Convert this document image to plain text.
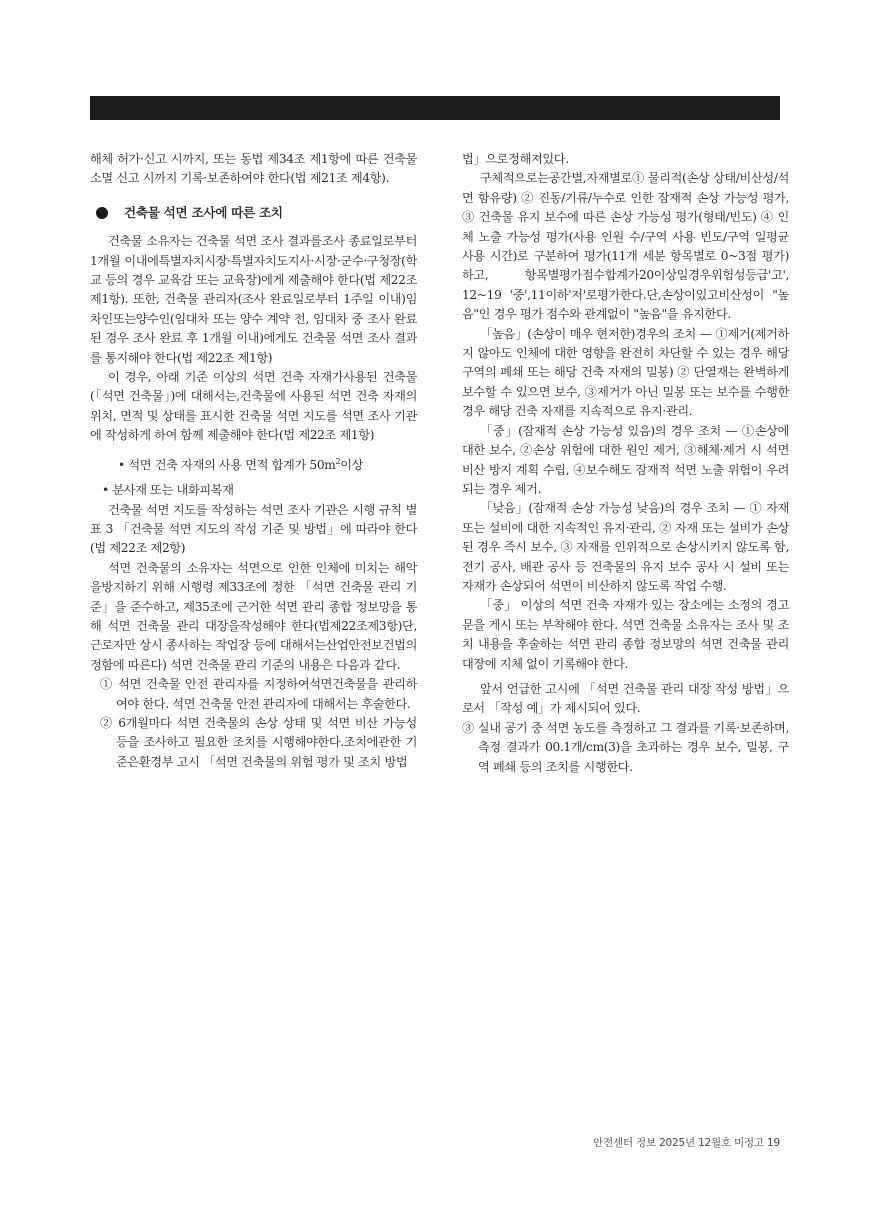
해체 허가·신고 시까지, 또는 동법 제34조 제1항에 따른 건축물 소멸 신고 시까지 기록·보존하여야 한다(법 제21조 제4항).

건축물 석면 조사에 따른 조치

건축물 소유자는 건축물 석면 조사 결과를조사 종료일로부터 1개월 이내에특별자치시장·특별자치도지사·시장·군수·구청장(학교 등의 경우 교육감 또는 교육장)에게 제출해야 한다(법 제22조 제1항). 또한, 건축물 관리자(조사 완료일로부터 1주일 이내)임차인또는양수인(임대차 또는 양수 계약 전, 임대차 중 조사 완료된 경우 조사 완료 후 1개월 이내)에게도 건축물 석면 조사 결과를 통지해야 한다(법 제22조 제1항)

이 경우, 아래 기준 이상의 석면 건축 자재가사용된 건축물(「석면 건축물」)에 대해서는,건축물에 사용된 석면 건축 자재의 위치, 면적 및 상태를 표시한 건축물 석면 지도를 석면 조사 기관에 작성하게 하여 함께 제출해야 한다(법 제22조 제1항)

• 석면 건축 자재의 사용 면적 합계가 $50m^2$이상

• 분사재 또는 내화피복재

건축물 석면 지도를 작성하는 석면 조사 기관은 시행 규칙 별표 3 「건축물 석면 지도의 작성 기준 및 방법」에 따라야 한다(법 제22조 제2항)

석면 건축물의 소유자는 석면으로 인한 인체에 미치는 해악을방지하기 위해 시행령 제33조에 정한 「석면 건축물 관리 기준」을 준수하고, 제35조에 근거한 석면 관리 종합 정보망을 통해 석면 건축물 관리 대장을작성해야 한다(법제22조제3항)단, 근로자만 상시 종사하는 작업장 등에 대해서는산업안전보건법의 정함에 따른다) 석면 건축물 관리 기준의 내용은 다음과 같다.

① 석면 건축물 안전 관리자를 지정하여석면건축물을 관리하여야 한다. 석면 건축물 안전 관리자에 대해서는 후술한다.

② 6개월마다 석면 건축물의 손상 상태 및 석면 비산 가능성 등을 조사하고 필요한 조치를 시행해야한다.조치에관한 기준은환경부 고시 「석면 건축물의 위험 평가 및 조치 방법

법」으로정해져있다.

구체적으로는공간별,자재별로① 물리적(손상 상태/비산성/석면 함유량) ② 진동/기류/누수로 인한 잠재적 손상 가능성 평가, ③ 건축물 유지 보수에 따른 손상 가능성 평가(형태/빈도) ④ 인체 노출 가능성 평가(사용 인원 수/구역 사용 빈도/구역 일평균 사용 시간)로 구분하여 평가(11개 세분 항목별로 0~3점 평가)하고, 항목별평가점수합계가20이상일경우위험성등급'고', 12~19 '중',11이하'저'로평가한다.단,손상이있고비산성이 "높음"인 경우 평가 점수와 관계없이 "높음"을 유지한다.

「높음」(손상이 매우 현저한)경우의 조치 — ①제거(제거하지 않아도 인체에 대한 영향을 완전히 차단할 수 있는 경우 해당 구역의 폐쇄 또는 해당 건축 자재의 밀봉) ② 단열재는 완벽하게 보수할 수 있으면 보수, ③제거가 아닌 밀봉 또는 보수를 수행한 경우 해당 건축 자재를 지속적으로 유지·관리.

「중」(잠재적 손상 가능성 있음)의 경우 조치 — ①손상에 대한 보수, ②손상 위험에 대한 원인 제거, ③해체·제거 시 석면 비산 방지 계획 수립, ④보수해도 잠재적 석면 노출 위험이 우려되는 경우 제거.

「낮음」(잠재적 손상 가능성 낮음)의 경우 조치 — ① 자재 또는 설비에 대한 지속적인 유지·관리, ② 자재 또는 설비가 손상된 경우 즉시 보수, ③ 자재를 인위적으로 손상시키지 않도록 함, 전기 공사, 배관 공사 등 건축물의 유지 보수 공사 시 설비 또는 자재가 손상되어 석면이 비산하지 않도록 작업 수행.

「중」 이상의 석면 건축 자재가 있는 장소에는 소정의 경고문을 게시 또는 부착해야 한다. 석면 건축물 소유자는 조사 및 조치 내용을 후술하는 석면 관리 종합 정보망의 석면 건축물 관리 대장에 지체 없이 기록해야 한다.

앞서 언급한 고시에 「석면 건축물 관리 대장 작성 방법」으로서 「작성 예」가 제시되어 있다.

③ 실내 공기 중 석면 농도를 측정하고 그 결과를 기록·보존하며, 측정 결과가 00.1개/cm(3)을 초과하는 경우 보수, 밀봉, 구역 폐쇄 등의 조치를 시행한다.

안전센터 정보 2025년 12월호 미정고 19
